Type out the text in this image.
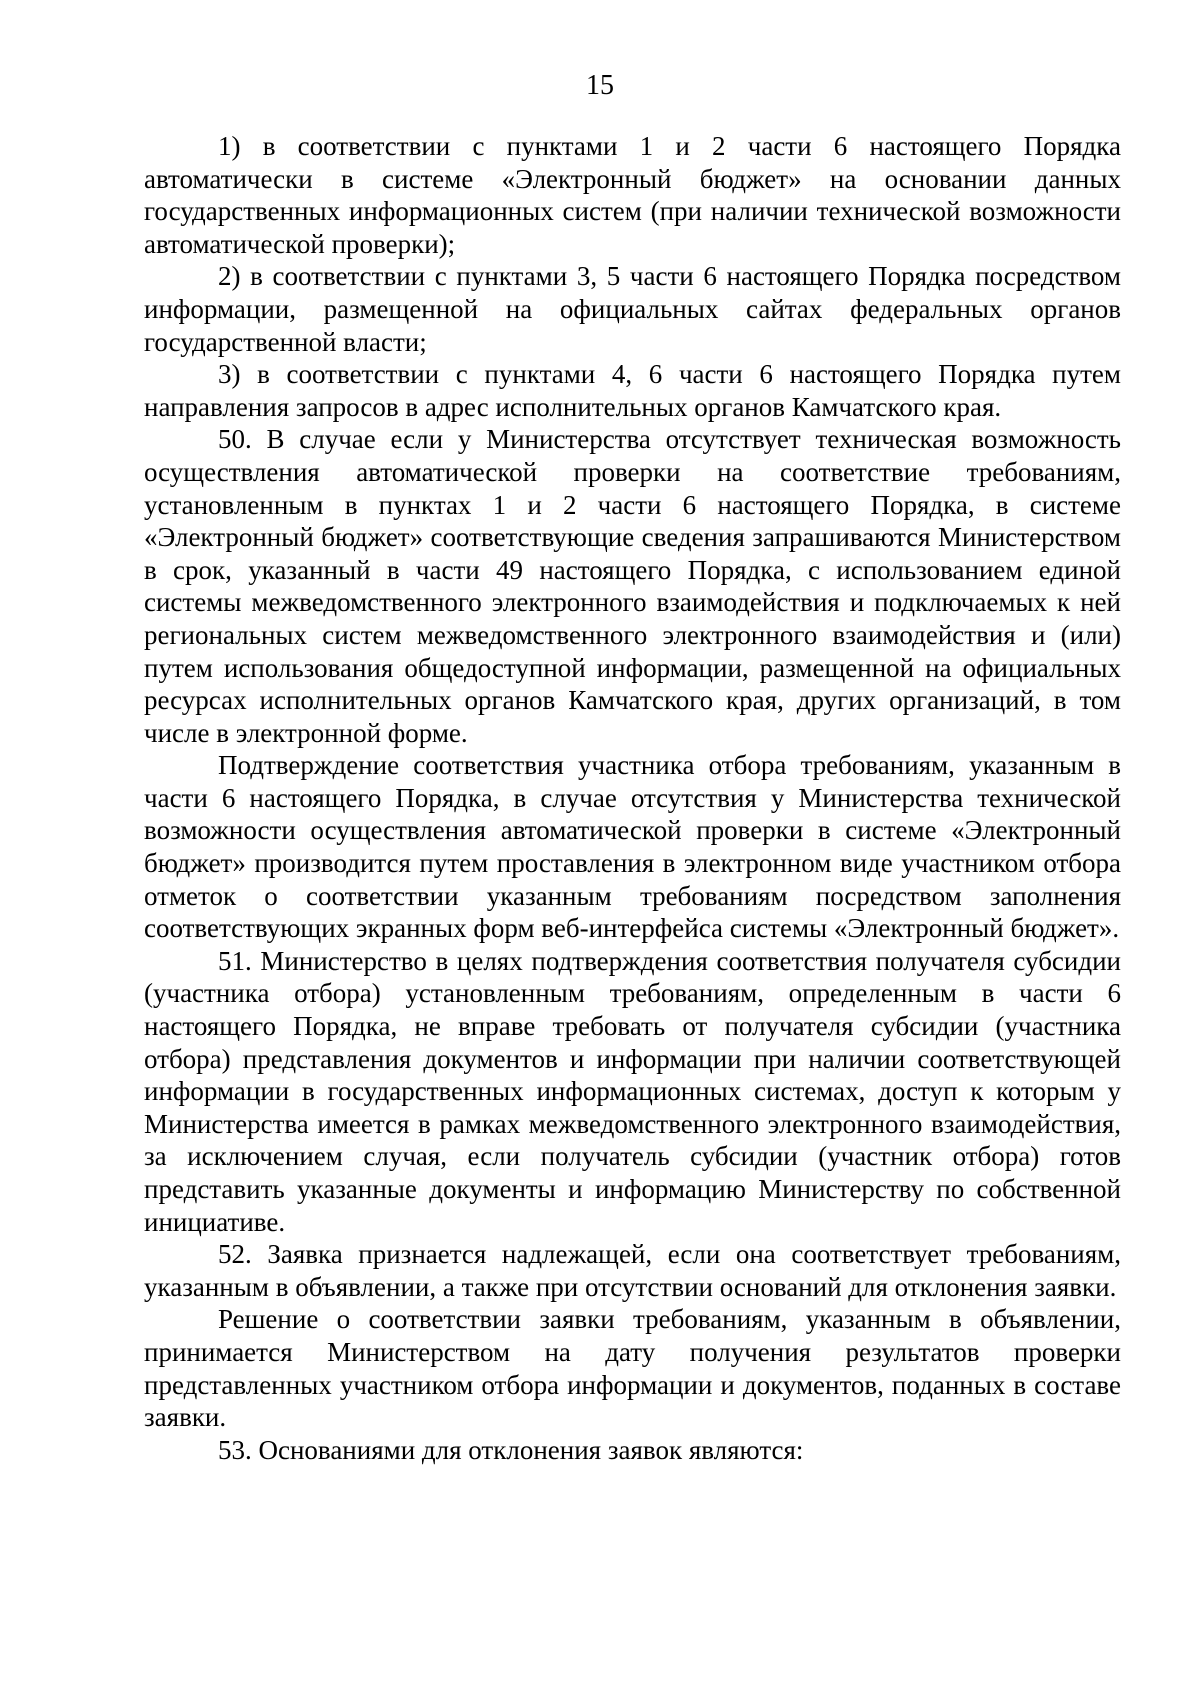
15

1) в соответствии с пунктами 1 и 2 части 6 настоящего Порядка автоматически в системе «Электронный бюджет» на основании данных государственных информационных систем (при наличии технической возможности автоматической проверки);

2) в соответствии с пунктами 3, 5 части 6 настоящего Порядка посредством информации, размещенной на официальных сайтах федеральных органов государственной власти;

3) в соответствии с пунктами 4, 6 части 6 настоящего Порядка путем направления запросов в адрес исполнительных органов Камчатского края.

50. В случае если у Министерства отсутствует техническая возможность осуществления автоматической проверки на соответствие требованиям, установленным в пунктах 1 и 2 части 6 настоящего Порядка, в системе «Электронный бюджет» соответствующие сведения запрашиваются Министерством в срок, указанный в части 49 настоящего Порядка, с использованием единой системы межведомственного электронного взаимодействия и подключаемых к ней региональных систем межведомственного электронного взаимодействия и (или) путем использования общедоступной информации, размещенной на официальных ресурсах исполнительных органов Камчатского края, других организаций, в том числе в электронной форме.

Подтверждение соответствия участника отбора требованиям, указанным в части 6 настоящего Порядка, в случае отсутствия у Министерства технической возможности осуществления автоматической проверки в системе «Электронный бюджет» производится путем проставления в электронном виде участником отбора отметок о соответствии указанным требованиям посредством заполнения соответствующих экранных форм веб-интерфейса системы «Электронный бюджет».

51. Министерство в целях подтверждения соответствия получателя субсидии (участника отбора) установленным требованиям, определенным в части 6 настоящего Порядка, не вправе требовать от получателя субсидии (участника отбора) представления документов и информации при наличии соответствующей информации в государственных информационных системах, доступ к которым у Министерства имеется в рамках межведомственного электронного взаимодействия, за исключением случая, если получатель субсидии (участник отбора) готов представить указанные документы и информацию Министерству по собственной инициативе.

52. Заявка признается надлежащей, если она соответствует требованиям, указанным в объявлении, а также при отсутствии оснований для отклонения заявки.

Решение о соответствии заявки требованиям, указанным в объявлении, принимается Министерством на дату получения результатов проверки представленных участником отбора информации и документов, поданных в составе заявки.

53. Основаниями для отклонения заявок являются:
